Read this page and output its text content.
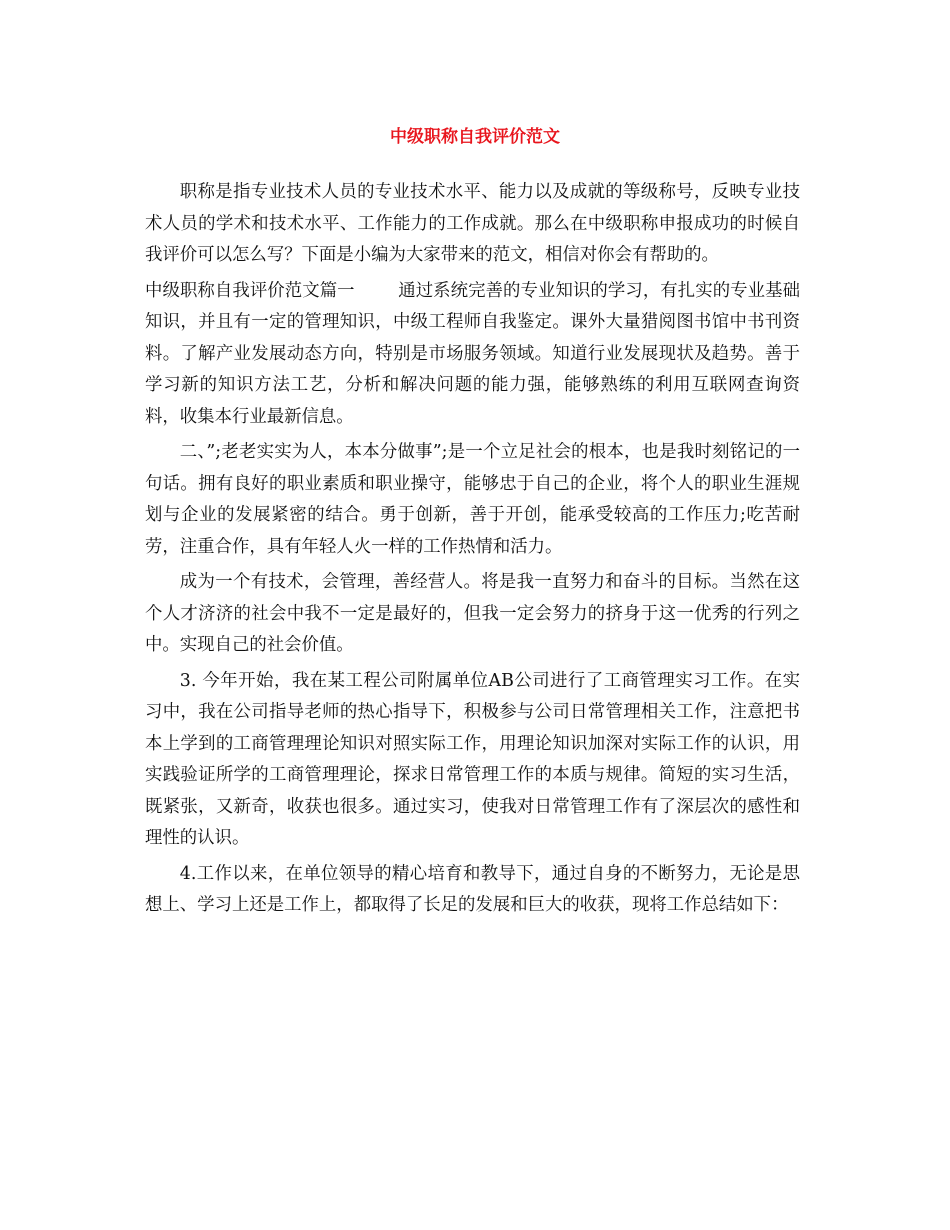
中级职称自我评价范文

职称是指专业技术人员的专业技术水平、能力以及成就的等级称号，反映专业技术人员的学术和技术水平、工作能力的工作成就。那么在中级职称申报成功的时候自我评价可以怎么写？下面是小编为大家带来的范文，相信对你会有帮助的。

中级职称自我评价范文篇一	通过系统完善的专业知识的学习，有扎实的专业基础知识，并且有一定的管理知识，中级工程师自我鉴定。课外大量猎阅图书馆中书刊资料。了解产业发展动态方向，特别是市场服务领域。知道行业发展现状及趋势。善于学习新的知识方法工艺，分析和解决问题的能力强，能够熟练的利用互联网查询资料，收集本行业最新信息。

二、”;老老实实为人，本本分做事”;是一个立足社会的根本，也是我时刻铭记的一句话。拥有良好的职业素质和职业操守，能够忠于自己的企业，将个人的职业生涯规划与企业的发展紧密的结合。勇于创新，善于开创，能承受较高的工作压力;吃苦耐劳，注重合作，具有年轻人火一样的工作热情和活力。

成为一个有技术，会管理，善经营人。将是我一直努力和奋斗的目标。当然在这个人才济济的社会中我不一定是最好的，但我一定会努力的挤身于这一优秀的行列之中。实现自己的社会价值。

3. 今年开始，我在某工程公司附属单位AB公司进行了工商管理实习工作。在实习中，我在公司指导老师的热心指导下，积极参与公司日常管理相关工作，注意把书本上学到的工商管理理论知识对照实际工作，用理论知识加深对实际工作的认识，用实践验证所学的工商管理理论，探求日常管理工作的本质与规律。简短的实习生活，既紧张，又新奇，收获也很多。通过实习，使我对日常管理工作有了深层次的感性和理性的认识。

4.工作以来，在单位领导的精心培育和教导下，通过自身的不断努力，无论是思想上、学习上还是工作上，都取得了长足的发展和巨大的收获，现将工作总结如下：
